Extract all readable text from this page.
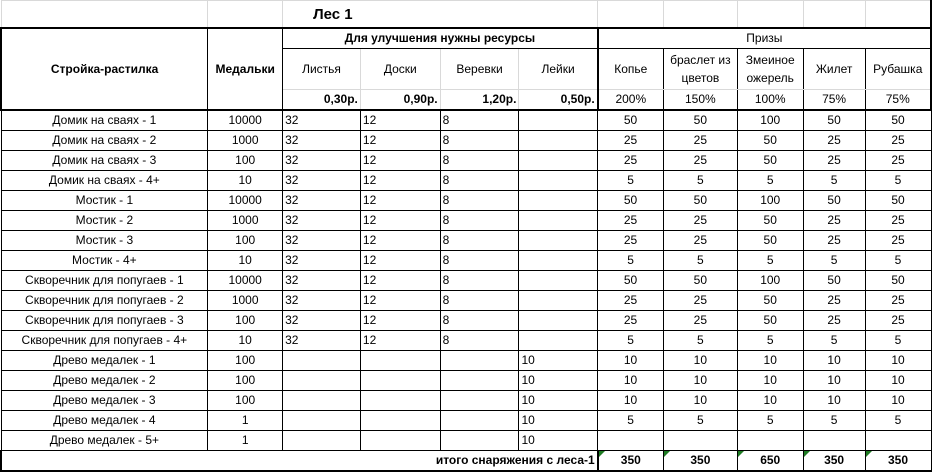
		Лес 1								
Стройка-растилка	Медальки	Для улучшения нужны ресурсы				Призы				
		Листья	Доски	Веревки	Лейки	Копье	браслет из цветов	Змеиное ожерель	Жилет	Рубашка
		0,30р.	0,90р.	1,20р.	0,50р.	200%	150%	100%	75%	75%
Домик на сваях - 1	10000	32	12	8		50	50	100	50	50
Домик на сваях - 2	1000	32	12	8		25	25	50	25	25
Домик на сваях - 3	100	32	12	8		25	25	50	25	25
Домик на сваях - 4+	10	32	12	8		5	5	5	5	5
Мостик - 1	10000	32	12	8		50	50	100	50	50
Мостик - 2	1000	32	12	8		25	25	50	25	25
Мостик - 3	100	32	12	8		25	25	50	25	25
Мостик - 4+	10	32	12	8		5	5	5	5	5
Скворечник для попугаев - 1	10000	32	12	8		50	50	100	50	50
Скворечник для попугаев - 2	1000	32	12	8		25	25	50	25	25
Скворечник для попугаев - 3	100	32	12	8		25	25	50	25	25
Скворечник для попугаев - 4+	10	32	12	8		5	5	5	5	5
Древо медалек - 1	100				10	10	10	10	10	10
Древо медалек - 2	100				10	10	10	10	10	10
Древо медалек - 3	100				10	10	10	10	10	10
Древо медалек - 4	1				10	5	5	5	5	5
Древо медалек - 5+	1				10					
итого снаряжения с леса-1						350	350	650	350	350
